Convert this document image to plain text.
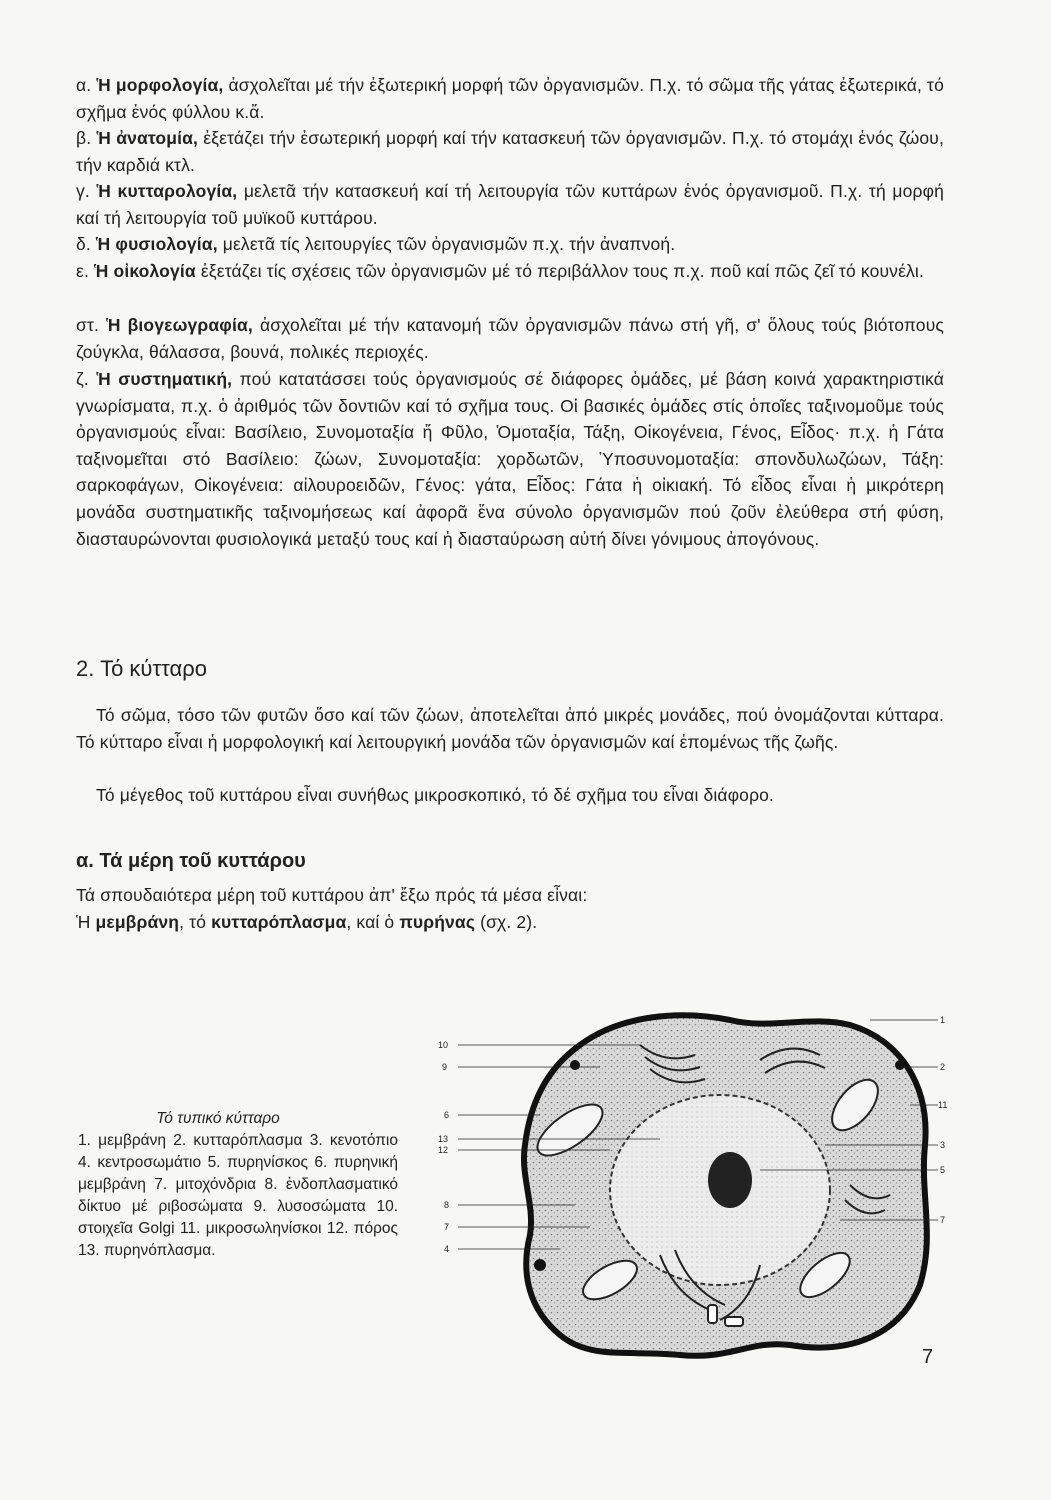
α. Ἡ μορφολογία, ἀσχολεῖται μέ τήν ἐξωτερική μορφή τῶν ὀργανισμῶν. Π.χ. τό σῶμα τῆς γάτας ἐξωτερικά, τό σχῆμα ἑνός φύλλου κ.ἄ.
β. Ἡ ἀνατομία, ἐξετάζει τήν ἐσωτερική μορφή καί τήν κατασκευή τῶν ὀργανισμῶν. Π.χ. τό στομάχι ἑνός ζώου, τήν καρδιά κτλ.
γ. Ἡ κυτταρολογία, μελετᾶ τήν κατασκευή καί τή λειτουργία τῶν κυττάρων ἑνός ὀργανισμοῦ. Π.χ. τή μορφή καί τή λειτουργία τοῦ μυϊκοῦ κυττάρου.
δ. Ἡ φυσιολογία, μελετᾶ τίς λειτουργίες τῶν ὀργανισμῶν π.χ. τήν ἀναπνοή.
ε. Ἡ οἰκολογία ἐξετάζει τίς σχέσεις τῶν ὀργανισμῶν μέ τό περιβάλλον τους π.χ. ποῦ καί πῶς ζεῖ τό κουνέλι.
στ. Ἡ βιογεωγραφία, ἀσχολεῖται μέ τήν κατανομή τῶν ὀργανισμῶν πάνω στή γῆ, σ' ὅλους τούς βιότοπους ζούγκλα, θάλασσα, βουνά, πολικές περιοχές.
ζ. Ἡ συστηματική, πού κατατάσσει τούς ὀργανισμούς σέ διάφορες ὁμάδες, μέ βάση κοινά χαρακτηριστικά γνωρίσματα, π.χ. ὁ ἀριθμός τῶν δοντιῶν καί τό σχῆμα τους. Οἱ βασικές ὁμάδες στίς ὁποῖες ταξινομοῦμε τούς ὀργανισμούς εἶναι: Βασίλειο, Συνομοταξία ἤ Φῦλο, Ὁμοταξία, Τάξη, Οἰκογένεια, Γένος, Εἶδος· π.χ. ἡ Γάτα ταξινομεῖται στό Βασίλειο: ζώων, Συνομοταξία: χορδωτῶν, Ὑποσυνομοταξία: σπονδυλωζώων, Τάξη: σαρκοφάγων, Οἰκογένεια: αἰλουροειδῶν, Γένος: γάτα, Εἶδος: Γάτα ἡ οἰκιακή. Τό εἶδος εἶναι ἡ μικρότερη μονάδα συστηματικῆς ταξινομήσεως καί ἀφορᾶ ἕνα σύνολο ὀργανισμῶν πού ζοῦν ἐλεύθερα στή φύση, διασταυρώνονται φυσιολογικά μεταξύ τους καί ἡ διασταύρωση αὐτή δίνει γόνιμους ἀπογόνους.
2. Τό κύτταρο
Τό σῶμα, τόσο τῶν φυτῶν ὅσο καί τῶν ζώων, ἀποτελεῖται ἀπό μικρές μονάδες, πού ὀνομάζονται κύτταρα. Τό κύτταρο εἶναι ἡ μορφολογική καί λειτουργική μονάδα τῶν ὀργανισμῶν καί ἐπομένως τῆς ζωῆς.
Τό μέγεθος τοῦ κυττάρου εἶναι συνήθως μικροσκοπικό, τό δέ σχῆμα του εἶναι διάφορο.
α. Τά μέρη τοῦ κυττάρου
Τά σπουδαιότερα μέρη τοῦ κυττάρου ἀπ' ἔξω πρός τά μέσα εἶναι:
Ἡ μεμβράνη, τό κυτταρόπλασμα, καί ὁ πυρήνας (σχ. 2).
Τό τυπικό κύτταρο
1. μεμβράνη 2. κυτταρόπλασμα 3. κενοτόπιο 4. κεντροσωμάτιο 5. πυρηνίσκος 6. πυρηνική μεμβράνη 7. μιτοχόνδρια 8. ἐνδοπλασματικό δίκτυο μέ ριβοσώματα 9. λυσοσώματα 10. στοιχεῖα Golgi 11. μικροσωληνίσκοι 12. πόρος 13. πυρηνόπλασμα.
10
9
6
13
12
8
7
4
1
2
11
3
5
7
7
